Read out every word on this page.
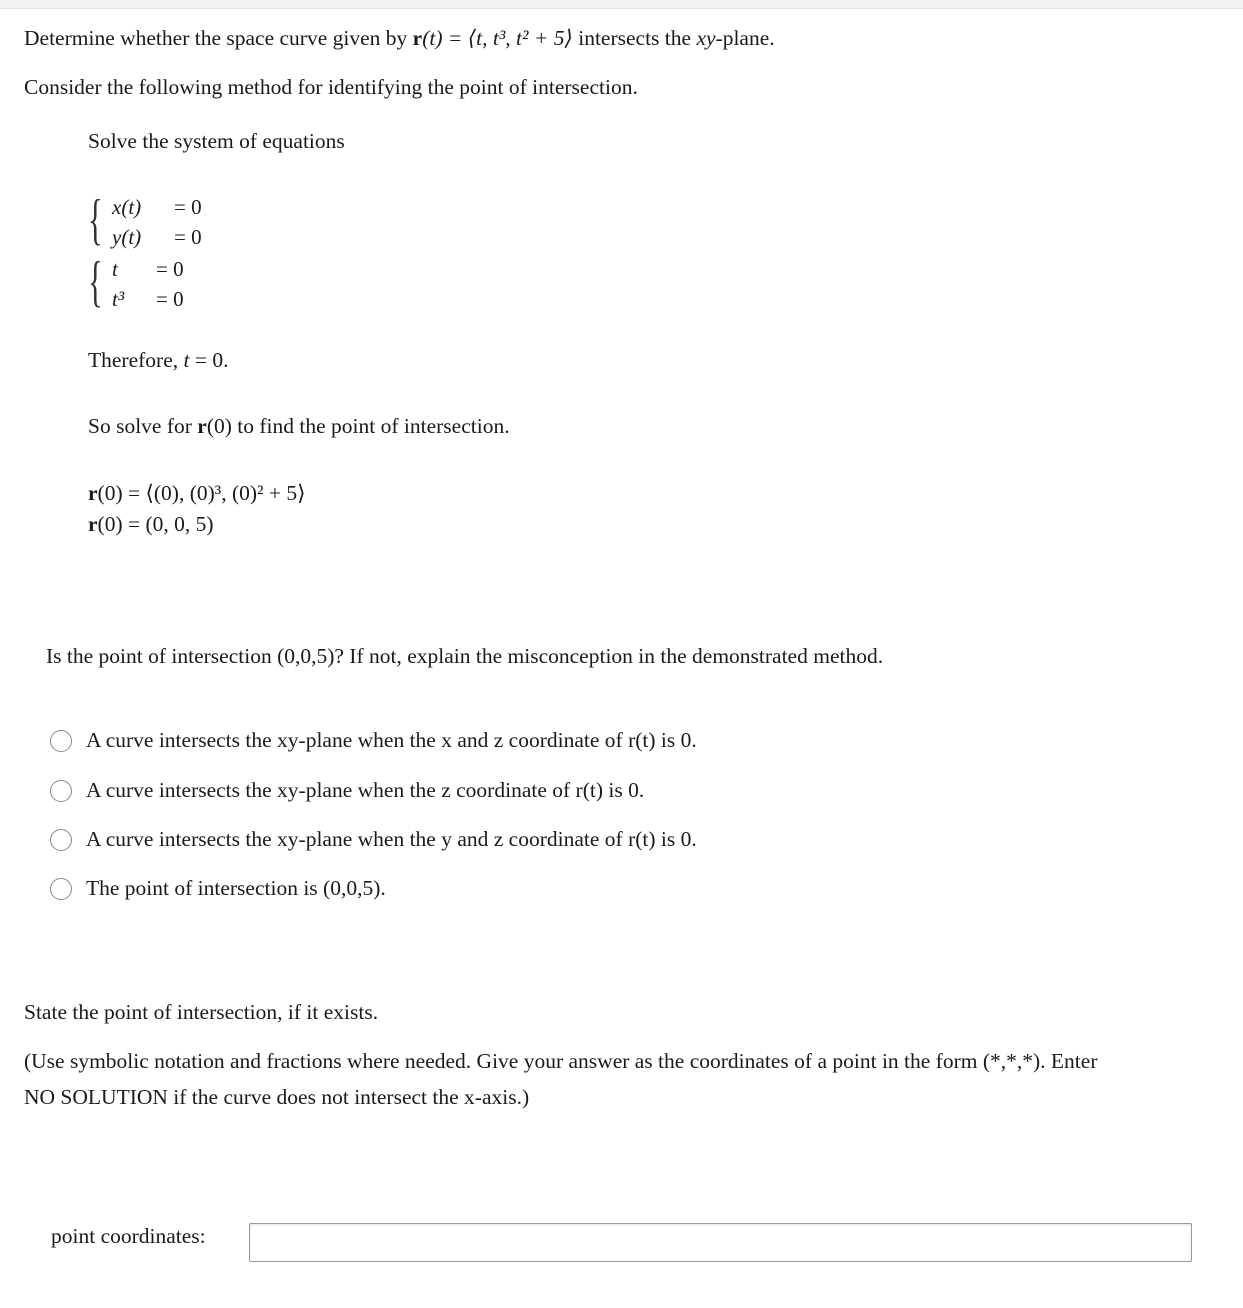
Determine whether the space curve given by r(t) = ⟨t, t³, t² + 5⟩ intersects the xy-plane.
Consider the following method for identifying the point of intersection.
Solve the system of equations
{ x(t) = 0
y(t) = 0
{ t = 0
t³ = 0
Therefore, t = 0.
So solve for r(0) to find the point of intersection.
r(0) = ⟨(0), (0)³, (0)² + 5⟩
r(0) = (0, 0, 5)
Is the point of intersection (0,0,5)? If not, explain the misconception in the demonstrated method.
A curve intersects the xy-plane when the x and z coordinate of r(t) is 0.
A curve intersects the xy-plane when the z coordinate of r(t) is 0.
A curve intersects the xy-plane when the y and z coordinate of r(t) is 0.
The point of intersection is (0,0,5).
State the point of intersection, if it exists.
(Use symbolic notation and fractions where needed. Give your answer as the coordinates of a point in the form (*,*,*). Enter
NO SOLUTION if the curve does not intersect the x-axis.)
point coordinates:
